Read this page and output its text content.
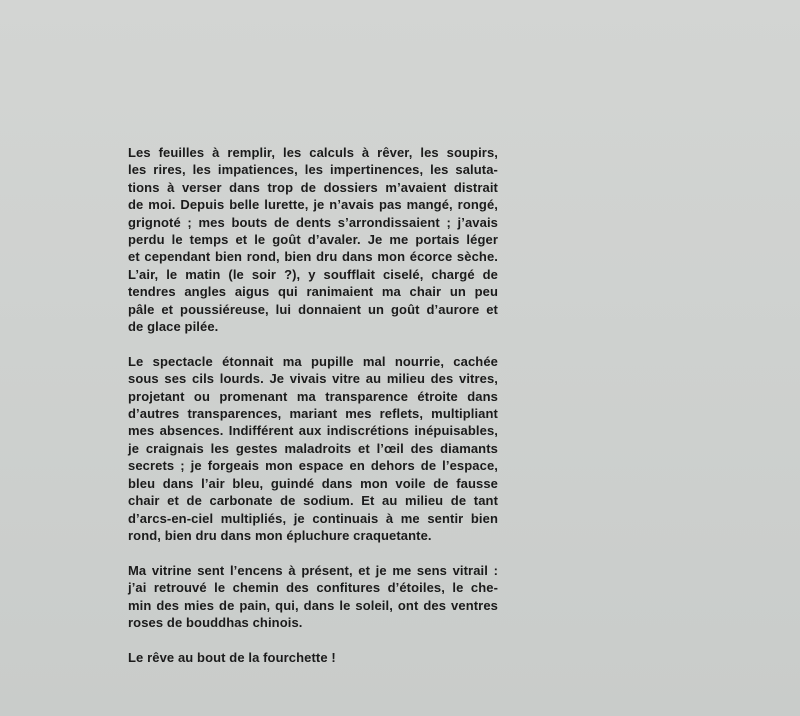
Les feuilles à remplir, les calculs à rêver, les soupirs,
les rires, les impatiences, les impertinences, les saluta-
tions à verser dans trop de dossiers m’avaient distrait
de moi. Depuis belle lurette, je n’avais pas mangé, rongé,
grignoté ; mes bouts de dents s’arrondissaient ; j’avais
perdu le temps et le goût d’avaler. Je me portais léger
et cependant bien rond, bien dru dans mon écorce sèche.
L’air, le matin (le soir ?), y soufflait ciselé, chargé de
tendres angles aigus qui ranimaient ma chair un peu
pâle et poussiéreuse, lui donnaient un goût d’aurore et
de glace pilée.

Le spectacle étonnait ma pupille mal nourrie, cachée
sous ses cils lourds. Je vivais vitre au milieu des vitres,
projetant ou promenant ma transparence étroite dans
d’autres transparences, mariant mes reflets, multipliant
mes absences. Indifférent aux indiscrétions inépuisables,
je craignais les gestes maladroits et l’œil des diamants
secrets ; je forgeais mon espace en dehors de l’espace,
bleu dans l’air bleu, guindé dans mon voile de fausse
chair et de carbonate de sodium. Et au milieu de tant
d’arcs-en-ciel multipliés, je continuais à me sentir bien
rond, bien dru dans mon épluchure craquetante.

Ma vitrine sent l’encens à présent, et je me sens vitrail :
j’ai retrouvé le chemin des confitures d’étoiles, le che-
min des mies de pain, qui, dans le soleil, ont des ventres
roses de bouddhas chinois.

Le rêve au bout de la fourchette !
